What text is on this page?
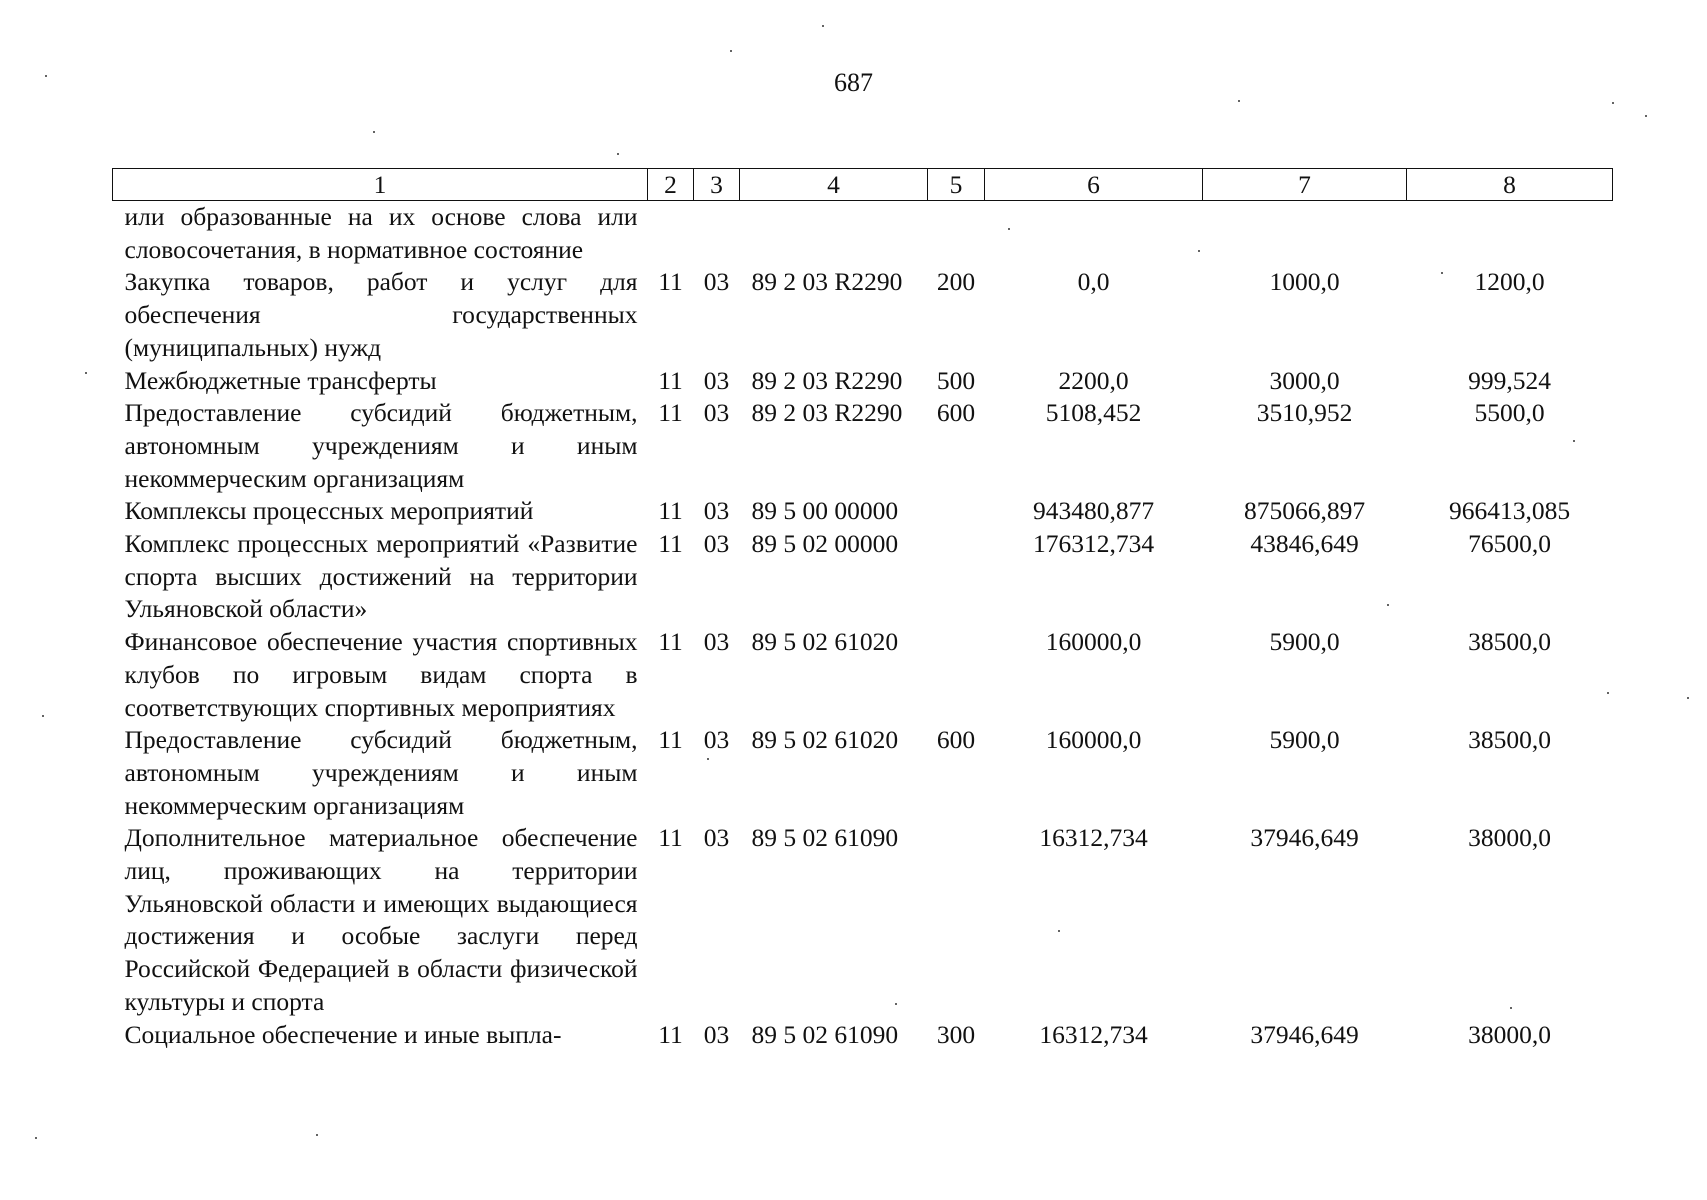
687
1	2	3	4	5	6	7	8
или образованные на их основе слова или словосочетания, в нормативное состояние							
Закупка товаров, работ и услуг для обеспечения государственных (муниципальных) нужд	11	03	89 2 03 R2290	200	0,0	1000,0	1200,0
Межбюджетные трансферты	11	03	89 2 03 R2290	500	2200,0	3000,0	999,524
Предоставление субсидий бюджетным, автономным учреждениям и иным некоммерческим организациям	11	03	89 2 03 R2290	600	5108,452	3510,952	5500,0
Комплексы процессных мероприятий	11	03	89 5 00 00000		943480,877	875066,897	966413,085
Комплекс процессных мероприятий «Развитие спорта высших достижений на территории Ульяновской области»	11	03	89 5 02 00000		176312,734	43846,649	76500,0
Финансовое обеспечение участия спортивных клубов по игровым видам спорта в соответствующих спортивных мероприятиях	11	03	89 5 02 61020		160000,0	5900,0	38500,0
Предоставление субсидий бюджетным, автономным учреждениям и иным некоммерческим организациям	11	03	89 5 02 61020	600	160000,0	5900,0	38500,0
Дополнительное материальное обеспечение лиц, проживающих на территории Ульяновской области и имеющих выдающиеся достижения и особые заслуги перед Российской Федерацией в области физической культуры и спорта	11	03	89 5 02 61090		16312,734	37946,649	38000,0
Социальное обеспечение и иные выпла-	11	03	89 5 02 61090	300	16312,734	37946,649	38000,0
